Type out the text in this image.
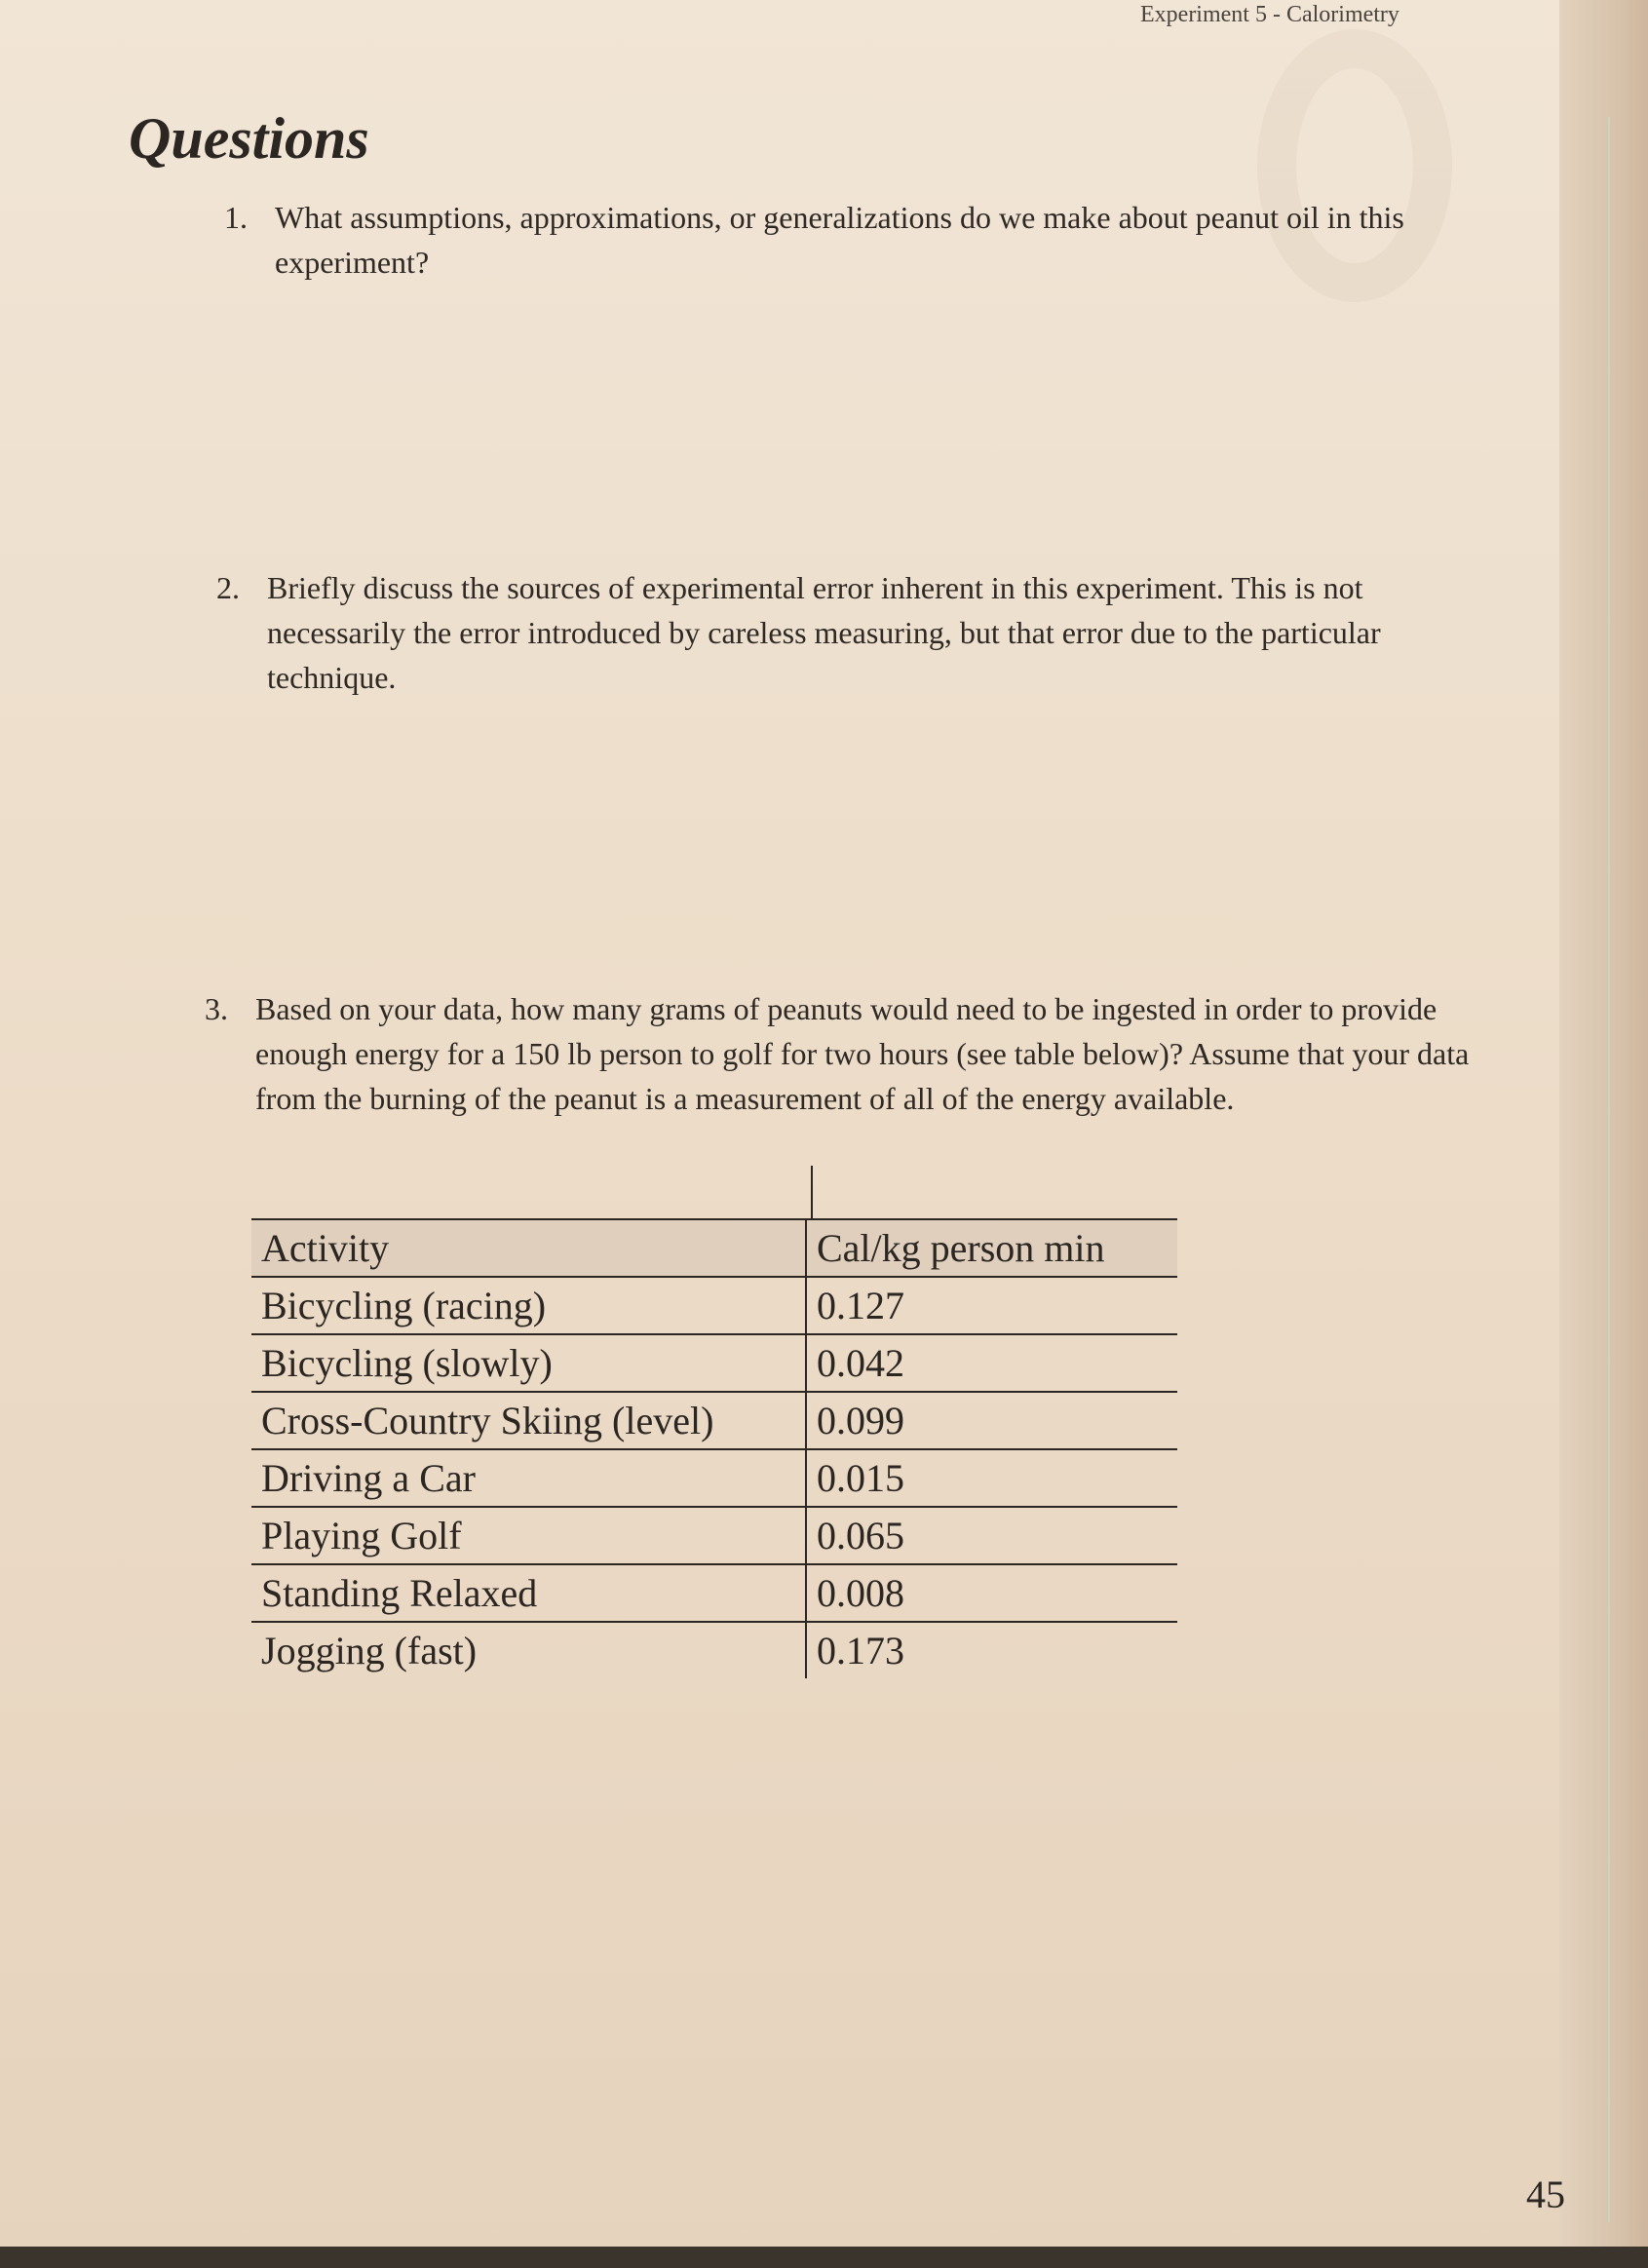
Experiment 5 - Calorimetry
Questions
1. What assumptions, approximations, or generalizations do we make about peanut oil in this experiment?
2. Briefly discuss the sources of experimental error inherent in this experiment. This is not necessarily the error introduced by careless measuring, but that error due to the particular technique.
3. Based on your data, how many grams of peanuts would need to be ingested in order to provide enough energy for a 150 lb person to golf for two hours (see table below)? Assume that your data from the burning of the peanut is a measurement of all of the energy available.
Activity	Cal/kg person min
Bicycling (racing)	0.127
Bicycling (slowly)	0.042
Cross-Country Skiing (level)	0.099
Driving a Car	0.015
Playing Golf	0.065
Standing Relaxed	0.008
Jogging (fast)	0.173
45
